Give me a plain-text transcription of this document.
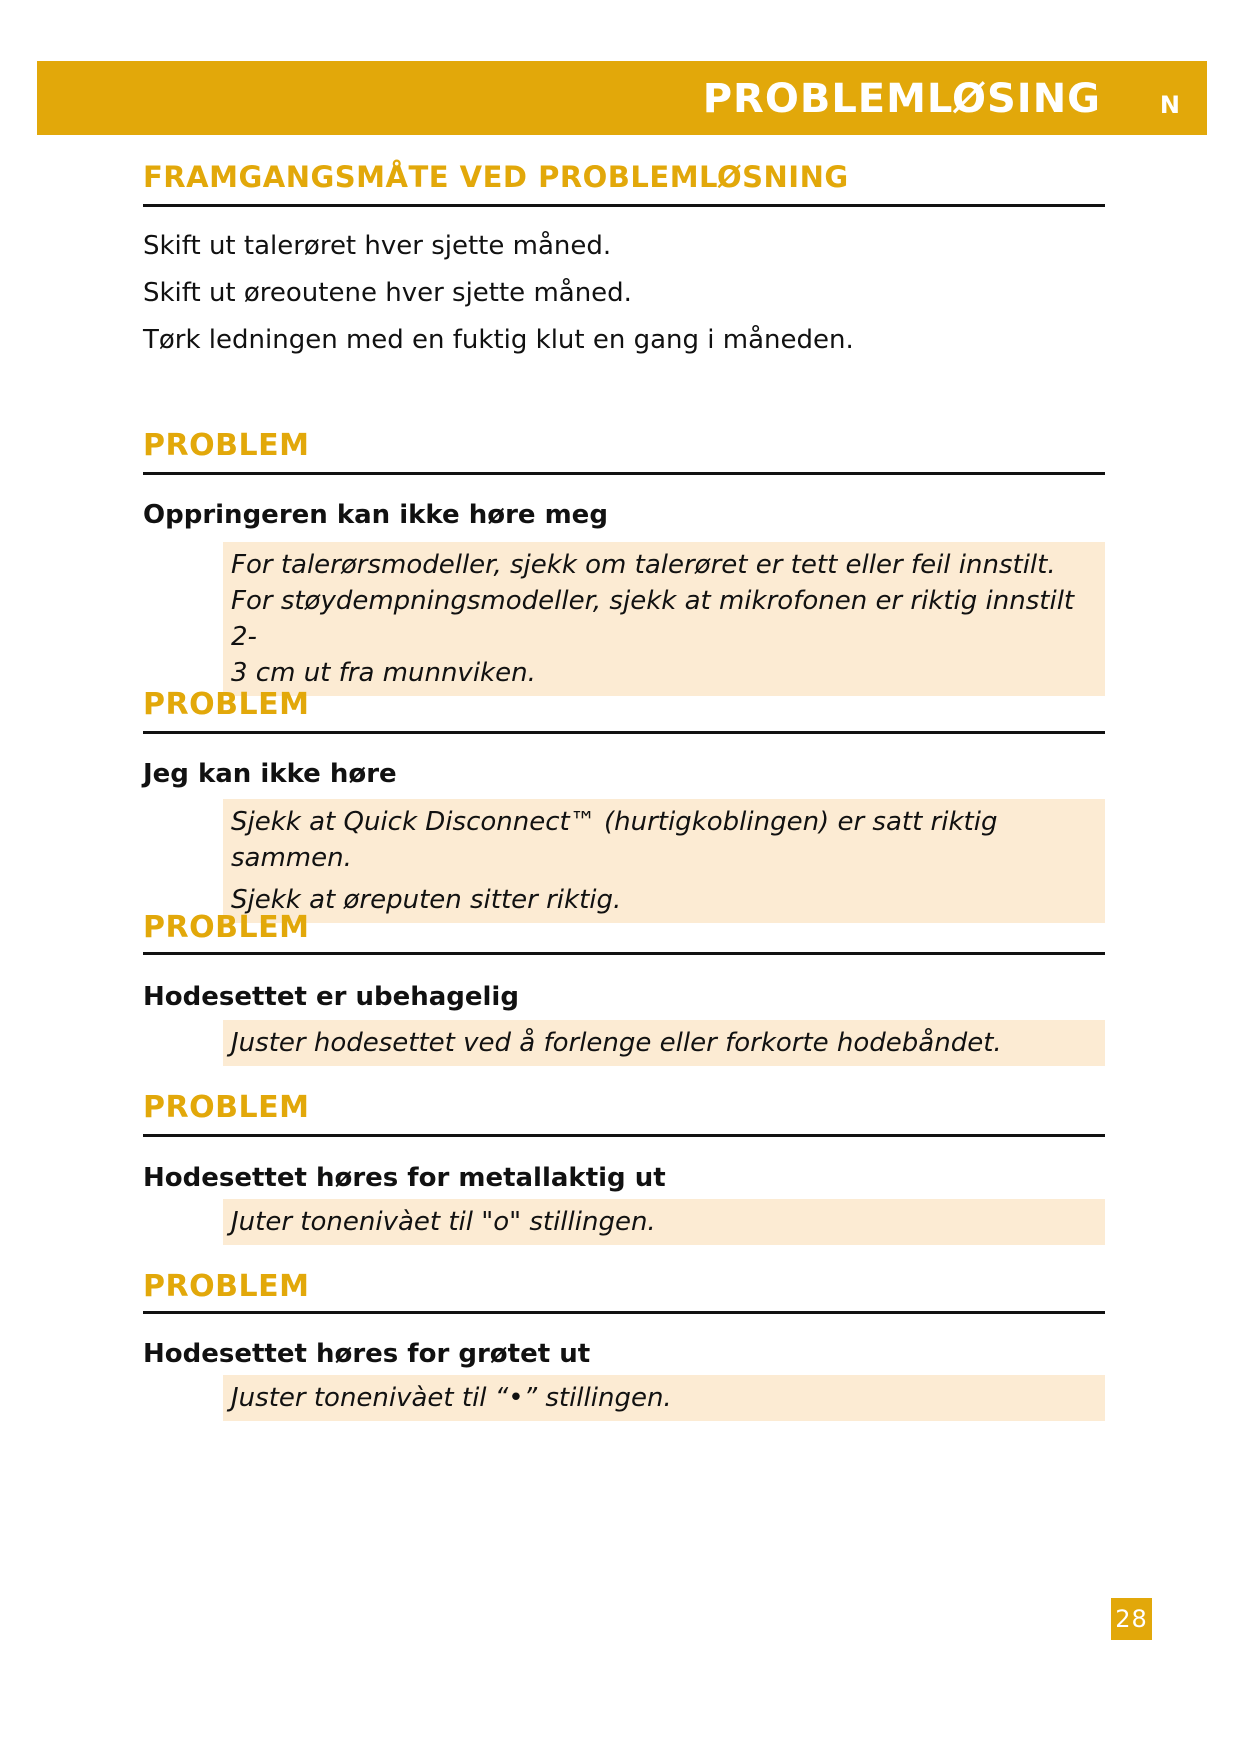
PROBLEMLØSING N
FRAMGANGSMÅTE VED PROBLEMLØSNING
Skift ut talerøret hver sjette måned.
Skift ut øreoutene hver sjette måned.
Tørk ledningen med en fuktig klut en gang i måneden.
PROBLEM
Oppringeren kan ikke høre meg
For talerørsmodeller, sjekk om talerøret er tett eller feil innstilt.
For støydempningsmodeller, sjekk at mikrofonen er riktig innstilt 2-
3 cm ut fra munnviken.
PROBLEM
Jeg kan ikke høre
Sjekk at Quick Disconnect™ (hurtigkoblingen) er satt riktig sammen.
Sjekk at øreputen sitter riktig.
PROBLEM
Hodesettet er ubehagelig
Juster hodesettet ved å forlenge eller forkorte hodebåndet.
PROBLEM
Hodesettet høres for metallaktig ut
Juter tonenivàet til "o" stillingen.
PROBLEM
Hodesettet høres for grøtet ut
Juster tonenivàet til “•” stillingen.
28
